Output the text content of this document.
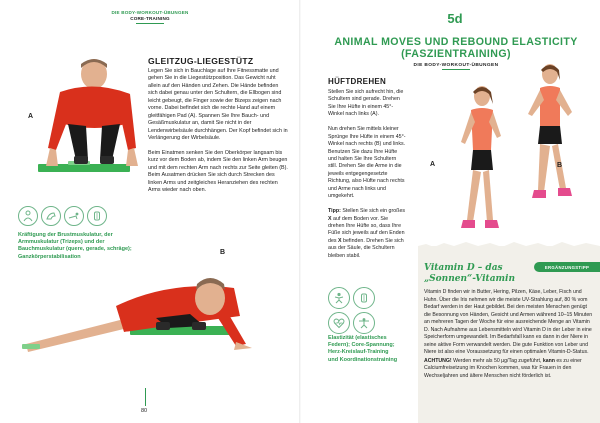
DIE BODY-WORKOUT-ÜBUNGEN
CORE-TRAINING
A
GLEITZUG-LIEGESTÜTZ

Legen Sie sich in Bauchlage auf Ihre Fitnessmatte und gehen Sie in die Liegestützposition. Das Gewicht ruht allein auf den Händen und Zehen. Die Hände befinden sich dabei genau unter den Schultern, die Ellbogen sind leicht gebeugt, die Finger sowie der Bizeps zeigen nach vorne. Dabei befindet sich die rechte Hand auf einem gleitfähigen Pad (A). Spannen Sie Ihre Bauch- und Gesäßmuskulatur an, damit Sie nicht in der Lendenwirbelsäule durchhängen. Der Kopf befindet sich in Verlängerung der Wirbelsäule.

Beim Einatmen senken Sie den Oberkörper langsam bis kurz vor dem Boden ab, indem Sie den linken Arm beugen und mit dem rechten Arm nach rechts zur Seite gleiten (B). Beim Ausatmen drücken Sie sich durch Strecken des linken Arms und zeitgleiches Heranziehen des rechten Arms wieder nach oben.

Kräftigung der Brustmuskulatur, der Armmuskulatur (Trizeps) und der Bauchmuskulatur (quere, gerade, schräge); Ganzkörperstabilisation
B
80
5d
ANIMAL MOVES UND REBOUND ELASTICITY (FASZIENTRAINING)
DIE BODY-WORKOUT-ÜBUNGEN
HÜFTDREHEN

Stellen Sie sich aufrecht hin, die Schultern sind gerade. Drehen Sie Ihre Hüfte in einem 45°-Winkel nach links (A).

Nun drehen Sie mittels kleiner Sprünge Ihre Hüfte in einem 45°-Winkel nach rechts (B) und links. Benutzen Sie dazu Ihre Hüfte und halten Sie Ihre Schultern still. Drehen Sie die Arme in die jeweils entgegengesetzte Richtung, also Hüfte nach rechts und Arme nach links und umgekehrt.

Tipp: Stellen Sie sich ein großes X auf dem Boden vor. Sie drehen Ihre Hüfte so, dass Ihre Füße sich jeweils auf den Enden des X befinden. Drehen Sie sich aus der Säule, die Schultern bleiben stabil.

A	B
Elastizität (elastisches Federn); Core-Spannung; Herz-Kreislauf-Training und Koordinationstraining
ERGÄNZUNGSTIPP
Vitamin D – das
„Sonnen“-Vitamin

Vitamin D finden wir in Butter, Hering, Pilzen, Käse, Leber, Fisch und Huhn. Über die Iris nehmen wir die meiste UV-Strahlung auf, 80 % vom Bedarf werden in der Haut gebildet. Bei den meisten Menschen genügt die Besonnung von Händen, Gesicht und Armen während 10–15 Minuten an mehreren Tagen der Woche für eine ausreichende Menge an Vitamin D. Nach Aufnahme aus Lebensmitteln wird Vitamin D in der Leber in eine Speicherform umgewandelt. Im Bedarfsfall kann es dann in der Niere in seine aktive Form verwandelt werden. Die gute Funktion von Leber und Niere ist also eine Voraussetzung für einen optimalen Vitamin-D-Status.

ACHTUNG! Werden mehr als 50 µg/Tag zugeführt, kann es zu einer Calciumfreisetzung im Knochen kommen, was für Frauen in den Wechseljahren und ältere Menschen nicht förderlich ist.
